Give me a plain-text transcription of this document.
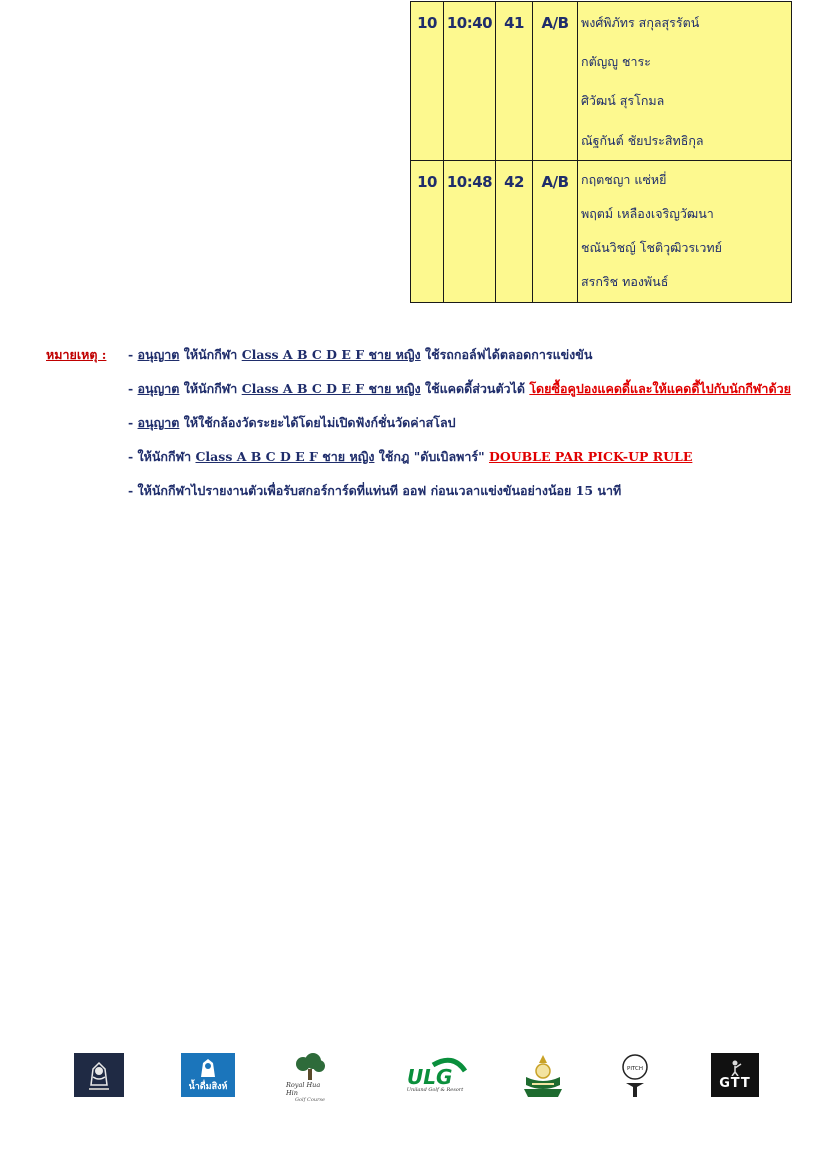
10	10:40	41	A/B	พงศ์พิภัทร สกุลสุรรัตน์
กตัญญู ชาระ
ศิวัฒน์ สุรโกมล
ณัฐกันต์ ชัยประสิทธิกุล

10	10:48	42	A/B	กฤตชญา แซ่หยี่
พฤตม์ เหลืองเจริญวัฒนา
ชณันวิชญ์ โชติวุฒิวรเวทย์
สรกริช ทองพันธ์
หมายเหตุ : - อนุญาต ให้นักกีฬา Class A B C D E F ชาย หญิง ใช้รถกอล์ฟได้ตลอดการแข่งขัน
- อนุญาต ให้นักกีฬา Class A B C D E F ชาย หญิง ใช้แคดดี้ส่วนตัวได้ โดยซื้อคูปองแคดดี้และให้แคดดี้ไปกับนักกีฬาด้วย
- อนุญาต ให้ใช้กล้องวัดระยะได้โดยไม่เปิดฟังก์ชั่นวัดค่าสโลป
- ให้นักกีฬา Class A B C D E F ชาย หญิง ใช้กฎ "ดับเบิลพาร์" DOUBLE PAR PICK-UP RULE
- ให้นักกีฬาไปรายงานตัวเพื่อรับสกอร์การ์ดที่แท่นที ออฟ ก่อนเวลาแข่งขันอย่างน้อย 15 นาที
น้ำดื่มสิงห์	Royal Hua Hin
Golf Course
ULG
Uniland Golf & Resort
PITCH
GTT
